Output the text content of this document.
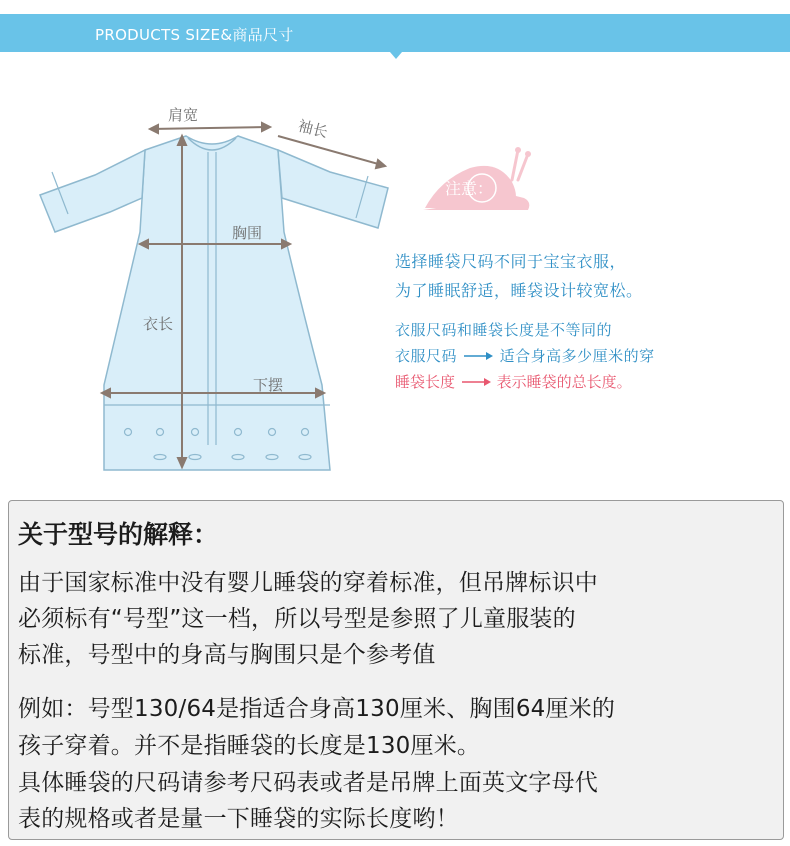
PRODUCTS SIZE&商品尺寸
肩宽
袖长
胸围
衣长
下摆
注意：
选择睡袋尺码不同于宝宝衣服，
为了睡眠舒适，睡袋设计较宽松。
衣服尺码和睡袋长度是不等同的
衣服尺码	适合身高多少厘米的穿
睡袋长度	表示睡袋的总长度。
关于型号的解释：
由于国家标准中没有婴儿睡袋的穿着标准，但吊牌标识中
必须标有“号型”这一档，所以号型是参照了儿童服装的
标准，号型中的身高与胸围只是个参考值
例如：号型130/64是指适合身高130厘米、胸围64厘米的
孩子穿着。并不是指睡袋的长度是130厘米。
具体睡袋的尺码请参考尺码表或者是吊牌上面英文字母代
表的规格或者是量一下睡袋的实际长度哟！
